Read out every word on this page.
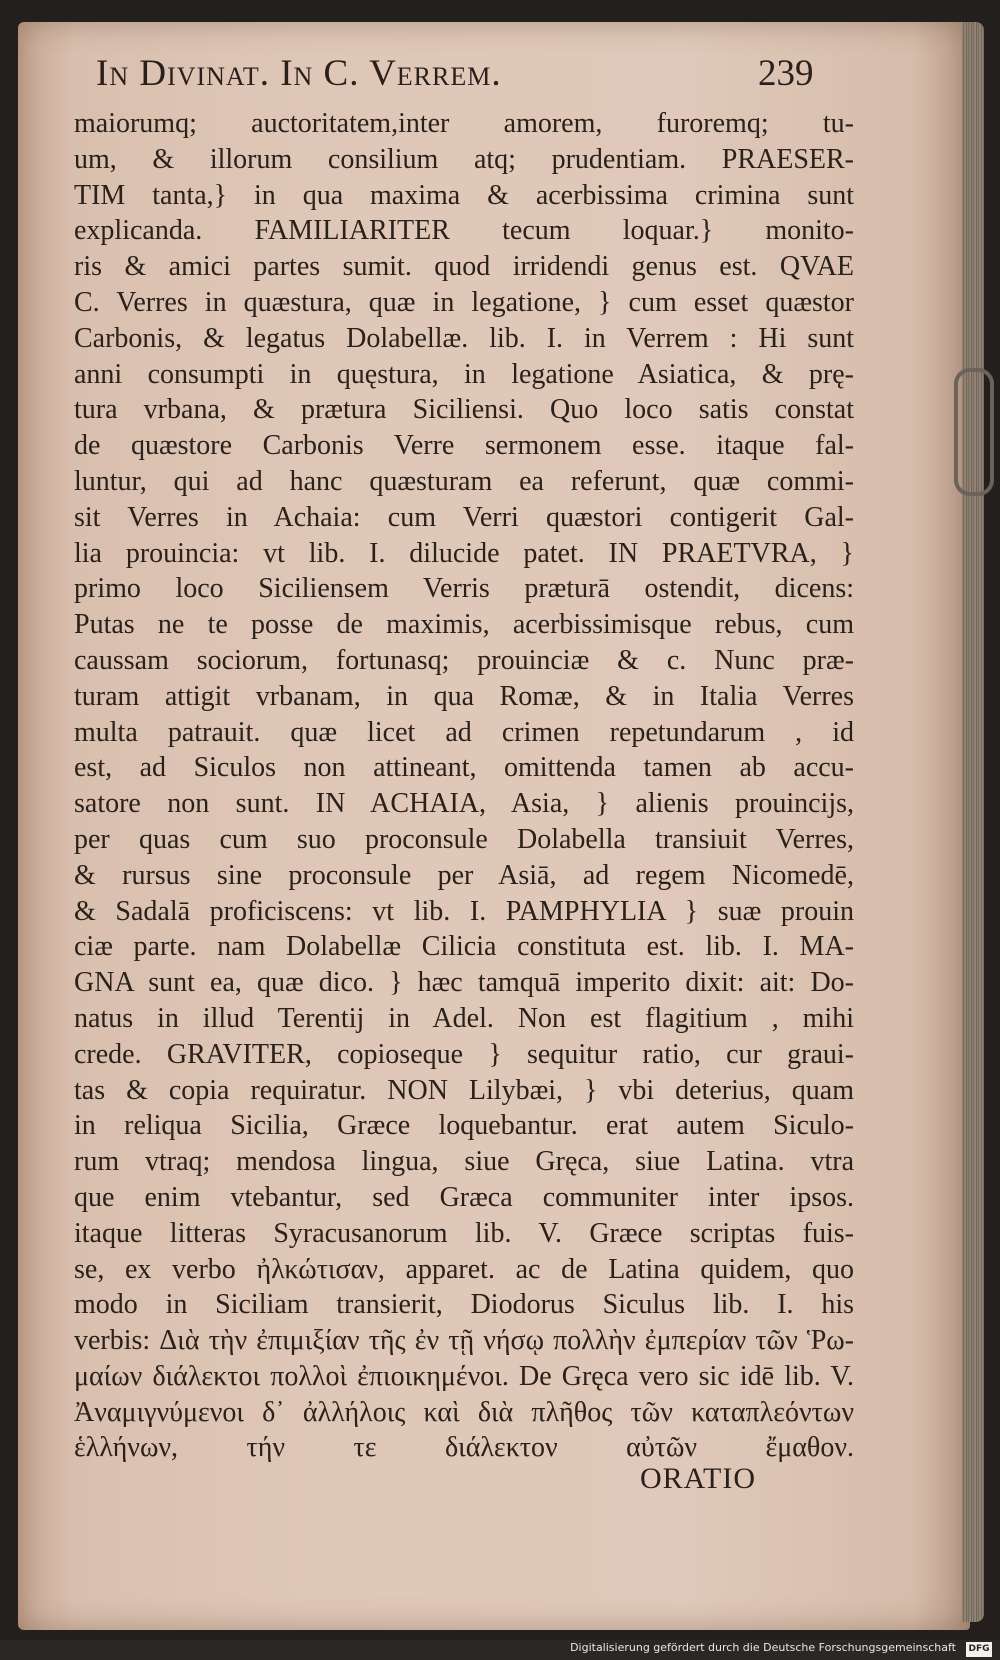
In Divinat. In C. Verrem.	239
maiorumq; auctoritatem,inter amorem, furoremq; tu-
um, & illorum consilium atq; prudentiam. PRAESER-
TIM tanta,} in qua maxima & acerbissima crimina sunt
explicanda. FAMILIARITER tecum loquar.} monito-
ris & amici partes sumit. quod irridendi genus est. QVAE
C. Verres in quæstura, quæ in legatione, } cum esset quæstor
Carbonis, & legatus Dolabellæ. lib. I. in Verrem : Hi sunt
anni consumpti in quęstura, in legatione Asiatica, & prę-
tura vrbana, & prætura Siciliensi. Quo loco satis constat
de quæstore Carbonis Verre sermonem esse. itaque fal-
luntur, qui ad hanc quæsturam ea referunt, quæ commi-
sit Verres in Achaia: cum Verri quæstori contigerit Gal-
lia prouincia: vt lib. I. dilucide patet. IN PRAETVRA, }
primo loco Siciliensem Verris præturā ostendit, dicens:
Putas ne te posse de maximis, acerbissimisque rebus, cum
caussam sociorum, fortunasq; prouinciæ & c. Nunc præ-
turam attigit vrbanam, in qua Romæ, & in Italia Verres
multa patrauit. quæ licet ad crimen repetundarum , id
est, ad Siculos non attineant, omittenda tamen ab accu-
satore non sunt. IN ACHAIA, Asia, } alienis prouincijs,
per quas cum suo proconsule Dolabella transiuit Verres,
& rursus sine proconsule per Asiā, ad regem Nicomedē,
& Sadalā proficiscens: vt lib. I. PAMPHYLIA } suæ prouin
ciæ parte. nam Dolabellæ Cilicia constituta est. lib. I. MA-
GNA sunt ea, quæ dico. } hæc tamquā imperito dixit: ait: Do-
natus in illud Terentij in Adel. Non est flagitium , mihi
crede. GRAVITER, copioseque } sequitur ratio, cur graui-
tas & copia requiratur. NON Lilybæi, } vbi deterius, quam
in reliqua Sicilia, Græce loquebantur. erat autem Siculo-
rum vtraq; mendosa lingua, siue Gręca, siue Latina. vtra
que enim vtebantur, sed Græca communiter inter ipsos.
itaque litteras Syracusanorum lib. V. Græce scriptas fuis-
se, ex verbo ἠλκώτισαν, apparet. ac de Latina quidem, quo
modo in Siciliam transierit, Diodorus Siculus lib. I. his
verbis: Διὰ τὴν ἐπιμιξίαν τῆς ἐν τῇ νήσῳ πολλὴν ἐμπερίαν τῶν Ῥω-
μαίων διάλεκτοι πολλοὶ ἐπιοικημένοι. De Gręca vero sic idē lib. V.
Ἀναμιγνύμενοι δ᾽ ἀλλήλοις καὶ διὰ πλῆθος τῶν καταπλεόντων
ἑλλήνων, τήν τε διάλεκτον αὐτῶν ἔμαθον.
ORATIO
Digitalisierung gefördert durch die Deutsche Forschungsgemeinschaft DFG
